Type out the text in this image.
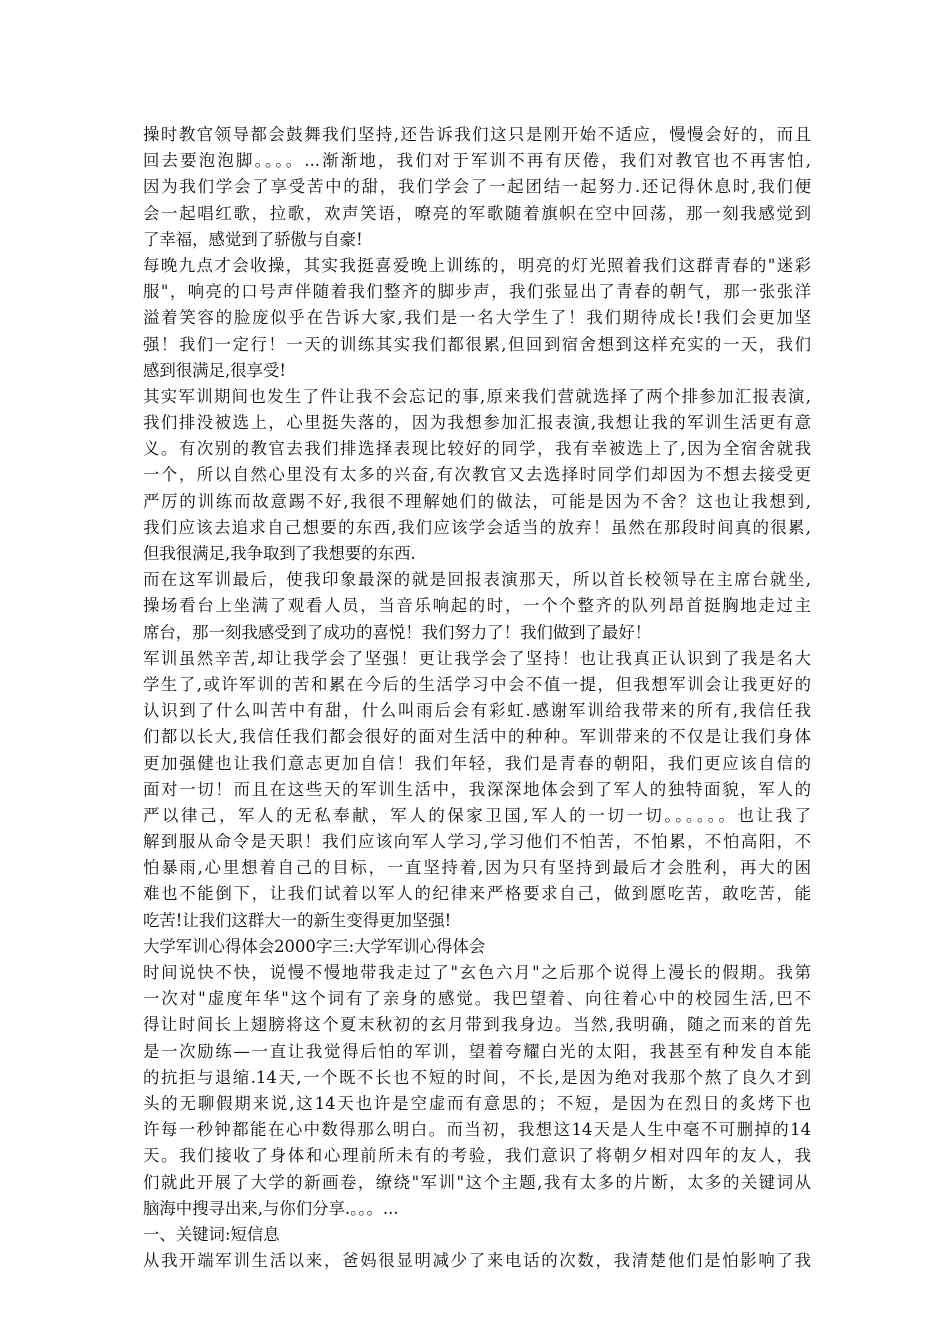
操时教官领导都会鼓舞我们坚持,还告诉我们这只是刚开始不适应，慢慢会好的，而且
回去要泡泡脚。。。。...渐渐地，我们对于军训不再有厌倦，我们对教官也不再害怕,
因为我们学会了享受苦中的甜，我们学会了一起团结一起努力.还记得休息时,我们便
会一起唱红歌，拉歌，欢声笑语，嘹亮的军歌随着旗帜在空中回荡，那一刻我感觉到
了幸福，感觉到了骄傲与自豪!
每晚九点才会收操，其实我挺喜爱晚上训练的，明亮的灯光照着我们这群青春的"迷彩
服"，响亮的口号声伴随着我们整齐的脚步声，我们张显出了青春的朝气，那一张张洋
溢着笑容的脸庞似乎在告诉大家,我们是一名大学生了！我们期待成长!我们会更加坚
强！我们一定行！一天的训练其实我们都很累,但回到宿舍想到这样充实的一天，我们
感到很满足,很享受!
其实军训期间也发生了件让我不会忘记的事,原来我们营就选择了两个排参加汇报表演,
我们排没被选上，心里挺失落的，因为我想参加汇报表演,我想让我的军训生活更有意
义。有次别的教官去我们排选择表现比较好的同学，我有幸被选上了,因为全宿舍就我
一个，所以自然心里没有太多的兴奋,有次教官又去选择时同学们却因为不想去接受更
严厉的训练而故意踢不好,我很不理解她们的做法，可能是因为不舍？这也让我想到,
我们应该去追求自己想要的东西,我们应该学会适当的放弃！虽然在那段时间真的很累,
但我很满足,我争取到了我想要的东西.
而在这军训最后，使我印象最深的就是回报表演那天，所以首长校领导在主席台就坐,
操场看台上坐满了观看人员，当音乐响起的时，一个个整齐的队列昂首挺胸地走过主
席台，那一刻我感受到了成功的喜悦！我们努力了！我们做到了最好！
军训虽然辛苦,却让我学会了坚强！更让我学会了坚持！也让我真正认识到了我是名大
学生了,或许军训的苦和累在今后的生活学习中会不值一提，但我想军训会让我更好的
认识到了什么叫苦中有甜，什么叫雨后会有彩虹.感谢军训给我带来的所有,我信任我
们都以长大,我信任我们都会很好的面对生活中的种种。军训带来的不仅是让我们身体
更加强健也让我们意志更加自信！我们年轻，我们是青春的朝阳，我们更应该自信的
面对一切！而且在这些天的军训生活中，我深深地体会到了军人的独特面貌，军人的
严以律己，军人的无私奉献，军人的保家卫国,军人的一切一切。。。。。。也让我了
解到服从命令是天职！我们应该向军人学习,学习他们不怕苦，不怕累，不怕高阳，不
怕暴雨,心里想着自己的目标，一直坚持着,因为只有坚持到最后才会胜利，再大的困
难也不能倒下，让我们试着以军人的纪律来严格要求自己，做到愿吃苦，敢吃苦，能
吃苦!让我们这群大一的新生变得更加坚强!
大学军训心得体会2000字三:大学军训心得体会
时间说快不快，说慢不慢地带我走过了"玄色六月"之后那个说得上漫长的假期。我第
一次对"虚度年华"这个词有了亲身的感觉。我巴望着、向往着心中的校园生活,巴不
得让时间长上翅膀将这个夏末秋初的玄月带到我身边。当然,我明确，随之而来的首先
是一次励练—一直让我觉得后怕的军训，望着夸耀白光的太阳，我甚至有种发自本能
的抗拒与退缩.14天,一个既不长也不短的时间，不长,是因为绝对我那个熬了良久才到
头的无聊假期来说,这14天也许是空虚而有意思的；不短，是因为在烈日的炙烤下也
许每一秒钟都能在心中数得那么明白。而当初，我想这14天是人生中毫不可删掉的14
天。我们接收了身体和心理前所未有的考验，我们意识了将朝夕相对四年的友人，我
们就此开展了大学的新画卷，缭绕"军训"这个主题,我有太多的片断，太多的关键词从
脑海中搜寻出来,与你们分享.。。。...
一、关键词:短信息
从我开端军训生活以来，爸妈很显明减少了来电话的次数，我清楚他们是怕影响了我
